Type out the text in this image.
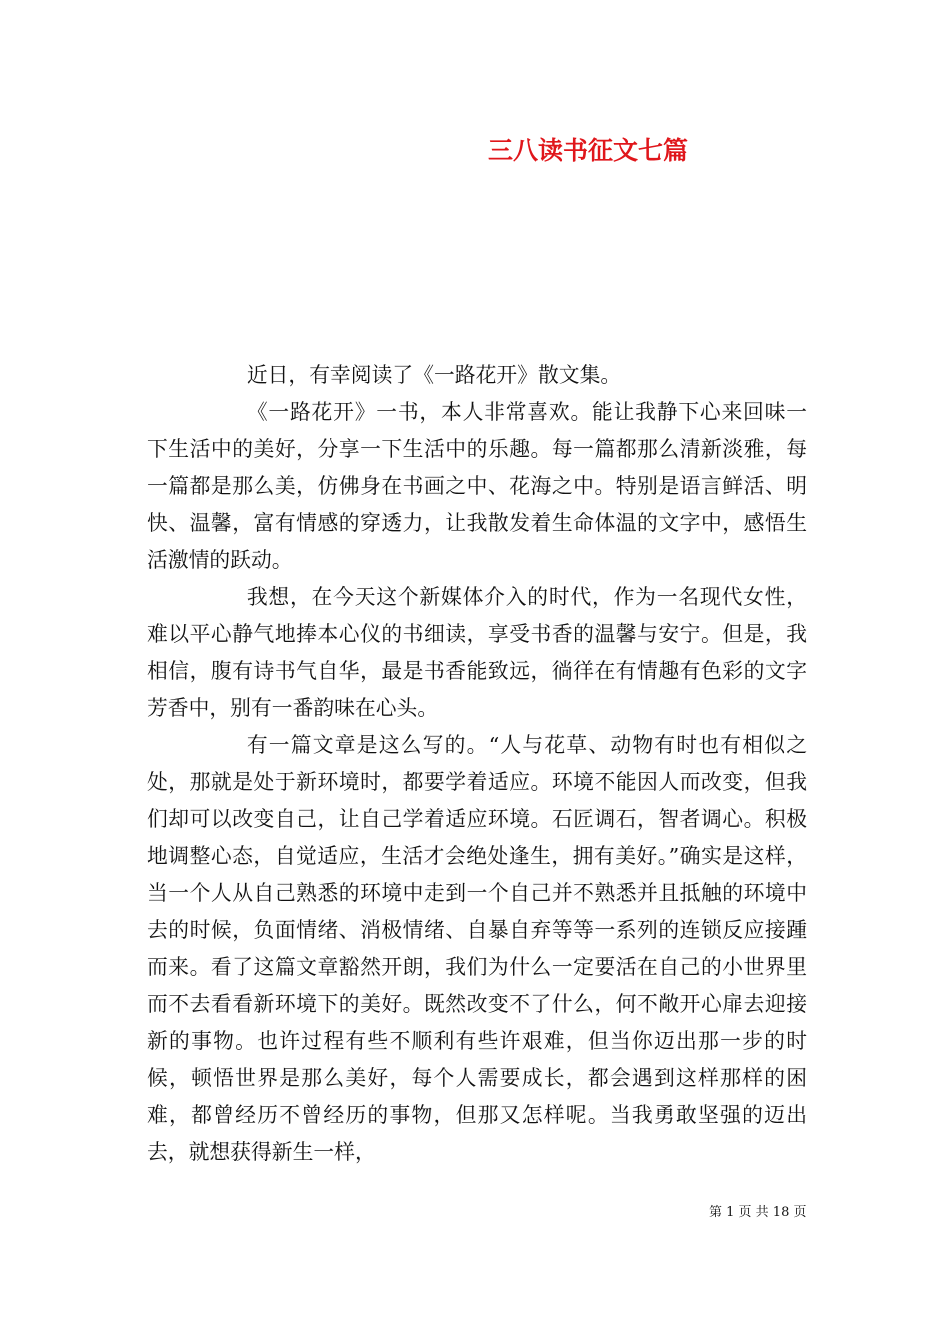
三八读书征文七篇

近日，有幸阅读了《一路花开》散文集。

《一路花开》一书，本人非常喜欢。能让我静下心来回味一下生活中的美好，分享一下生活中的乐趣。每一篇都那么清新淡雅，每一篇都是那么美，仿佛身在书画之中、花海之中。特别是语言鲜活、明快、温馨，富有情感的穿透力，让我散发着生命体温的文字中，感悟生活激情的跃动。

我想，在今天这个新媒体介入的时代，作为一名现代女性，难以平心静气地捧本心仪的书细读，享受书香的温馨与安宁。但是，我相信，腹有诗书气自华，最是书香能致远，徜徉在有情趣有色彩的文字芳香中，别有一番韵味在心头。

有一篇文章是这么写的。“人与花草、动物有时也有相似之处，那就是处于新环境时，都要学着适应。环境不能因人而改变，但我们却可以改变自己，让自己学着适应环境。石匠调石，智者调心。积极地调整心态，自觉适应，生活才会绝处逢生，拥有美好。”确实是这样，当一个人从自己熟悉的环境中走到一个自己并不熟悉并且抵触的环境中去的时候，负面情绪、消极情绪、自暴自弃等等一系列的连锁反应接踵而来。看了这篇文章豁然开朗，我们为什么一定要活在自己的小世界里而不去看看新环境下的美好。既然改变不了什么，何不敞开心扉去迎接新的事物。也许过程有些不顺利有些许艰难，但当你迈出那一步的时候，顿悟世界是那么美好，每个人需要成长，都会遇到这样那样的困难，都曾经历不曾经历的事物，但那又怎样呢。当我勇敢坚强的迈出去，就想获得新生一样，

第 1 页 共 18 页
